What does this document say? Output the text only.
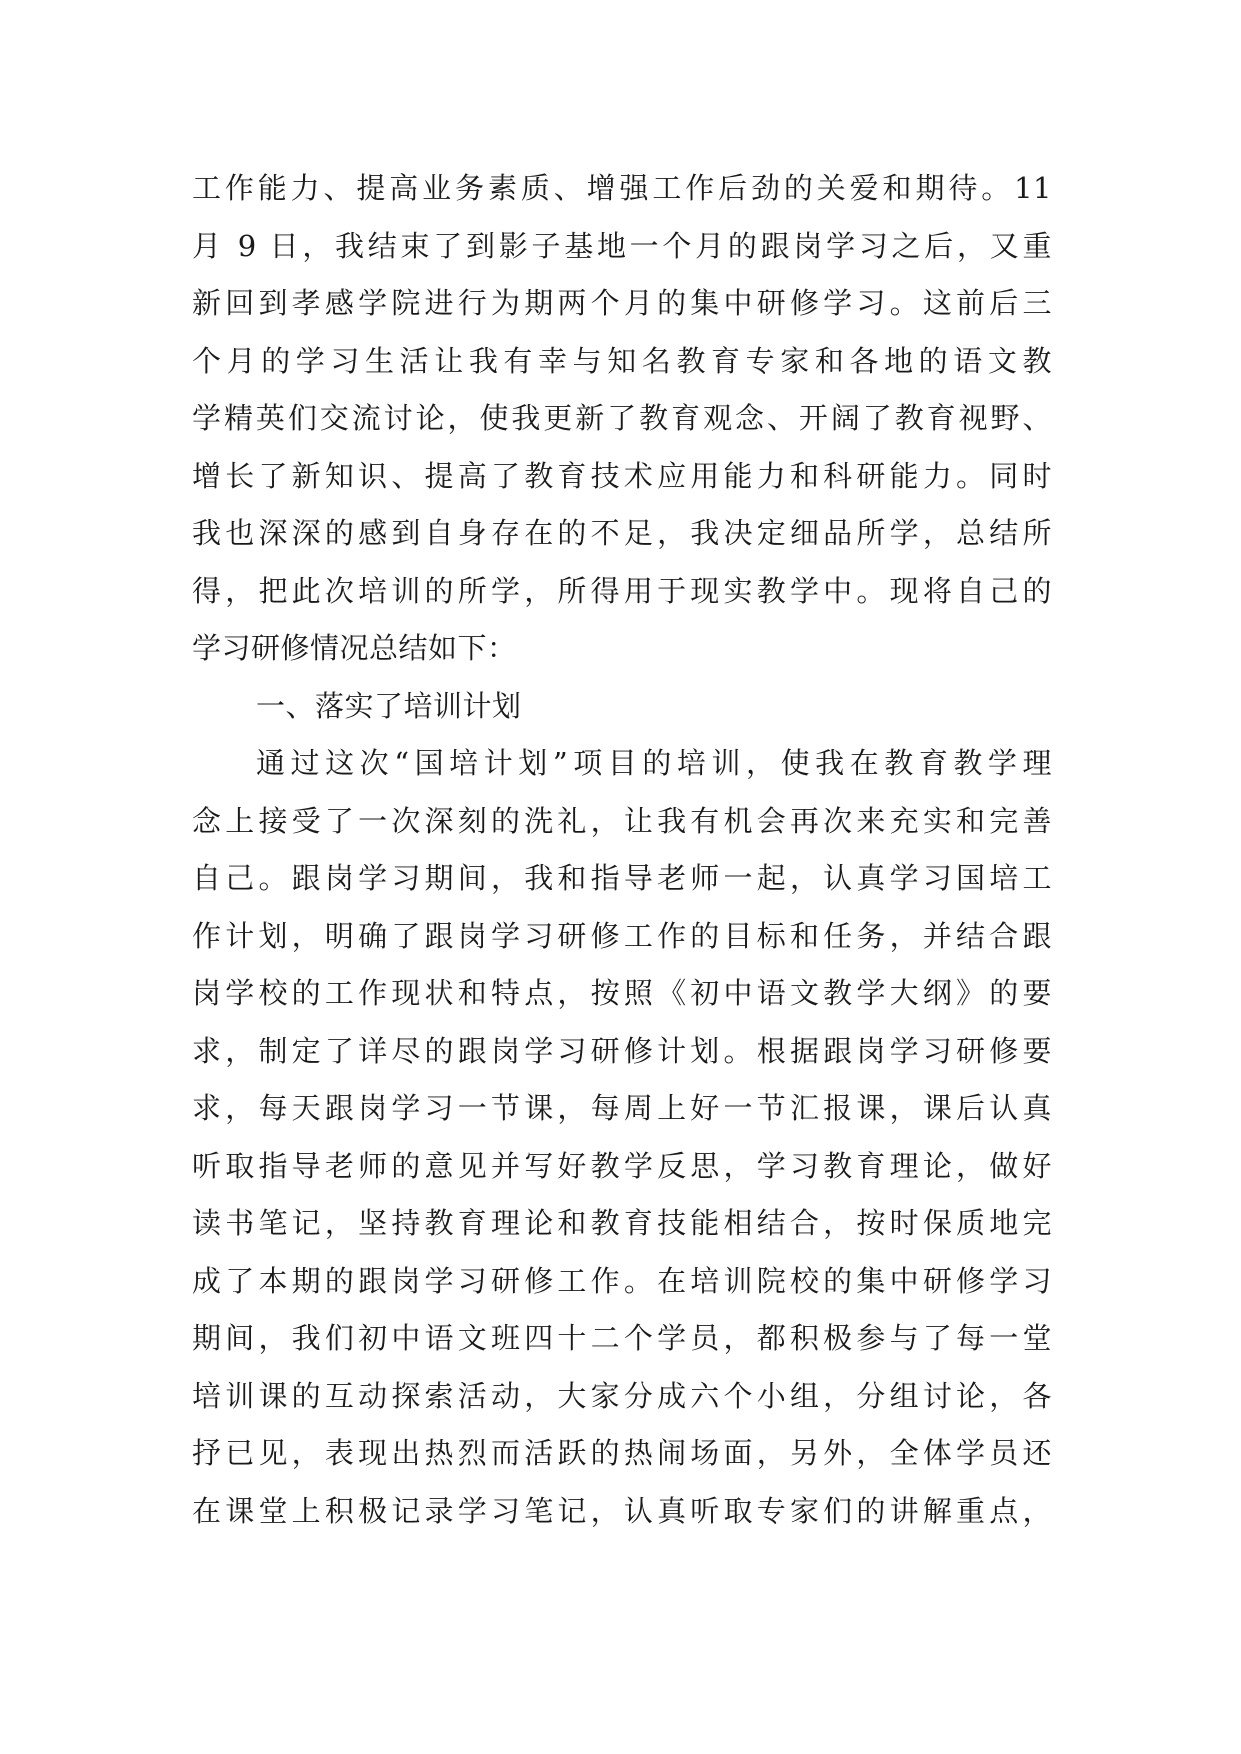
工作能力、提高业务素质、增强工作后劲的关爱和期待。11
月 9 日，我结束了到影子基地一个月的跟岗学习之后，又重
新回到孝感学院进行为期两个月的集中研修学习。这前后三
个月的学习生活让我有幸与知名教育专家和各地的语文教
学精英们交流讨论，使我更新了教育观念、开阔了教育视野、
增长了新知识、提高了教育技术应用能力和科研能力。同时
我也深深的感到自身存在的不足，我决定细品所学，总结所
得，把此次培训的所学，所得用于现实教学中。现将自己的
学习研修情况总结如下：
一、落实了培训计划
通过这次“国培计划”项目的培训，使我在教育教学理
念上接受了一次深刻的洗礼，让我有机会再次来充实和完善
自己。跟岗学习期间，我和指导老师一起，认真学习国培工
作计划，明确了跟岗学习研修工作的目标和任务，并结合跟
岗学校的工作现状和特点，按照《初中语文教学大纲》的要
求，制定了详尽的跟岗学习研修计划。根据跟岗学习研修要
求，每天跟岗学习一节课，每周上好一节汇报课，课后认真
听取指导老师的意见并写好教学反思，学习教育理论，做好
读书笔记，坚持教育理论和教育技能相结合，按时保质地完
成了本期的跟岗学习研修工作。在培训院校的集中研修学习
期间，我们初中语文班四十二个学员，都积极参与了每一堂
培训课的互动探索活动，大家分成六个小组，分组讨论，各
抒已见，表现出热烈而活跃的热闹场面，另外，全体学员还
在课堂上积极记录学习笔记，认真听取专家们的讲解重点，
